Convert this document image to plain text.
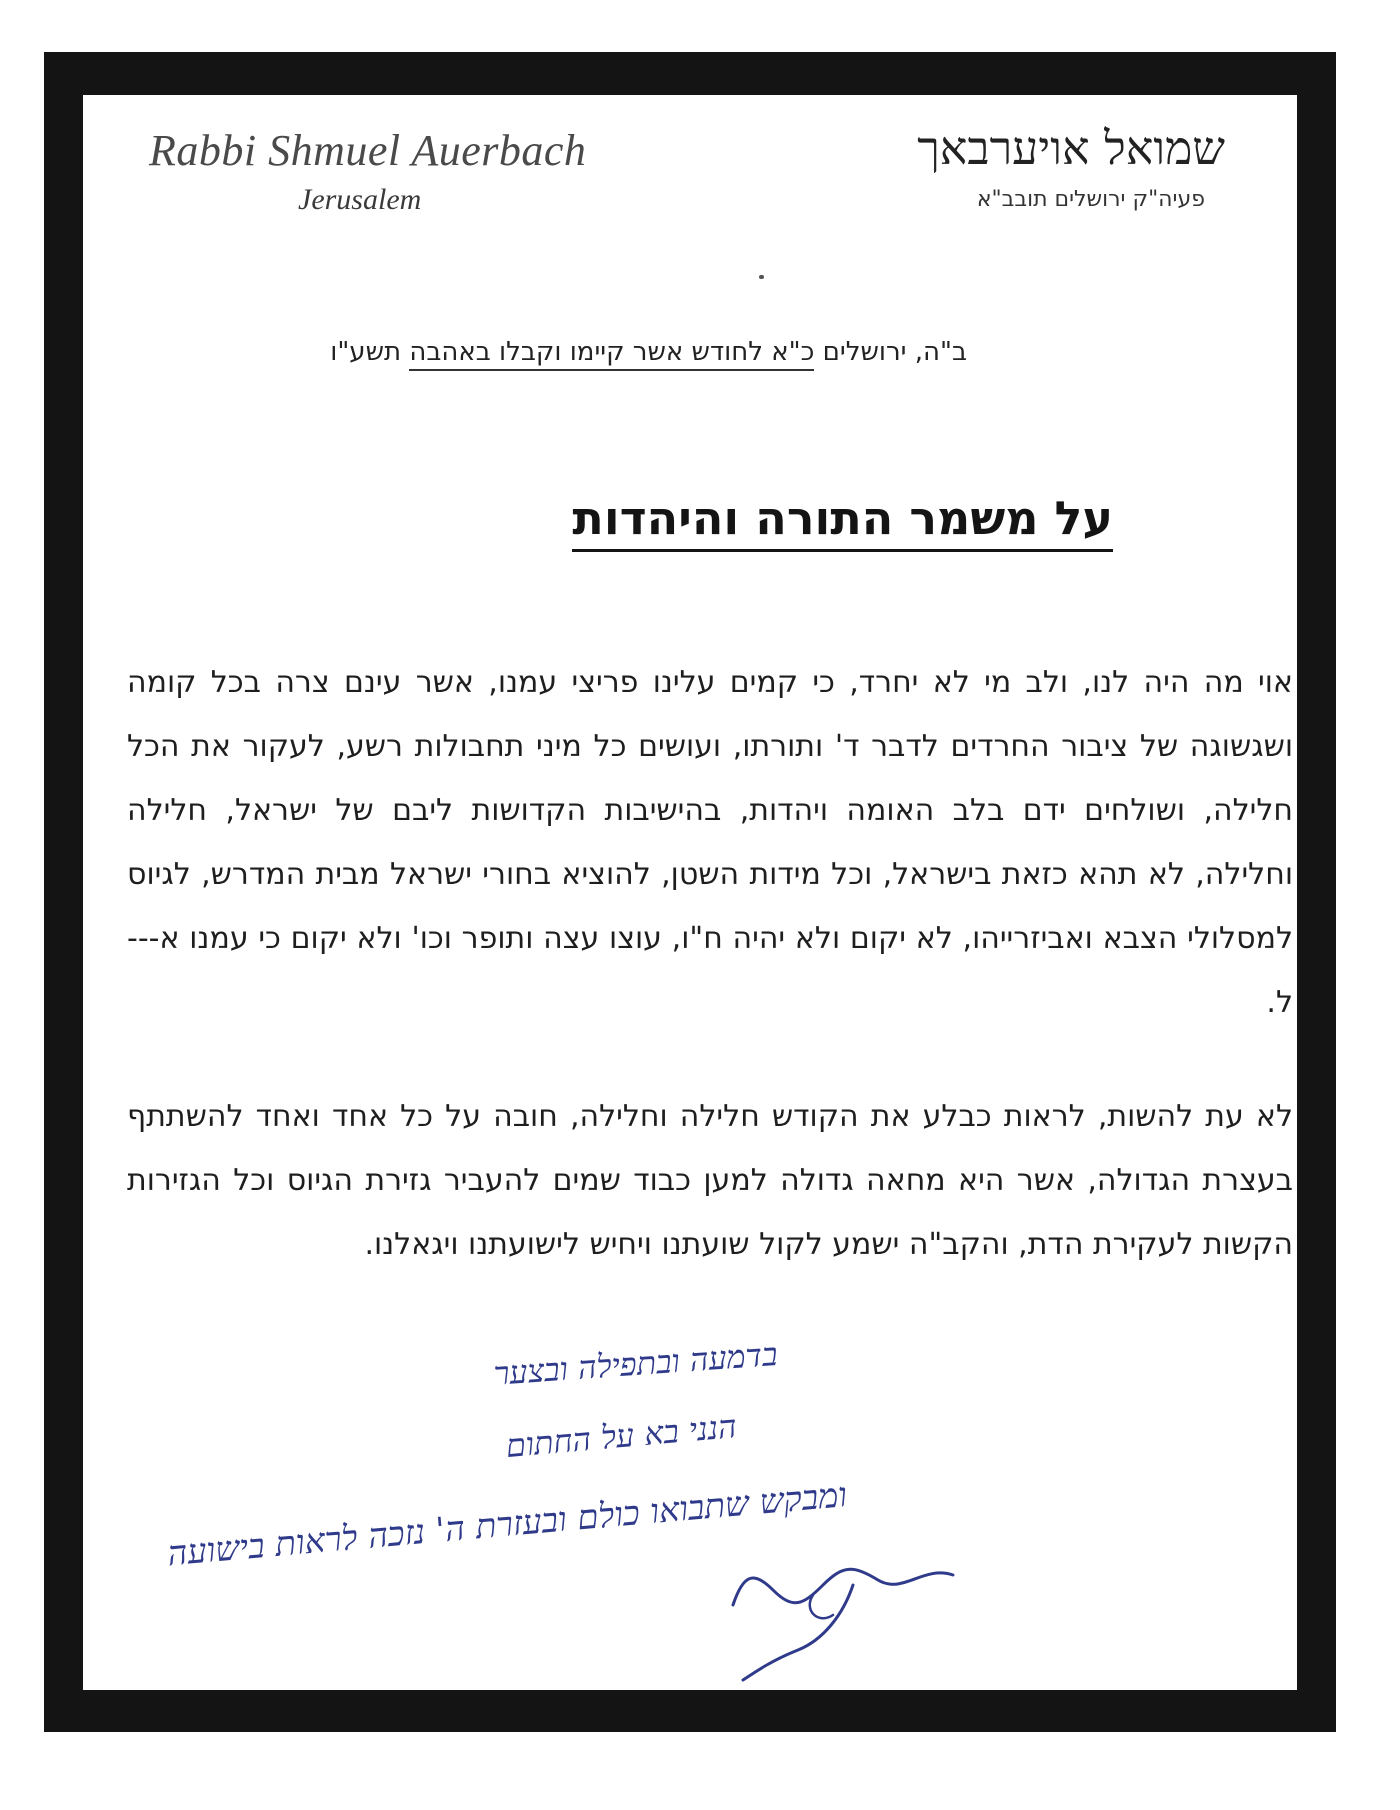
Rabbi Shmuel Auerbach
Jerusalem
שמואל אויערבאך
פעיה"ק ירושלים תובב"א
ב"ה, ירושלים כ"א לחודש אשר קיימו וקבלו באהבה תשע"ו
על משמר התורה והיהדות

אוי מה היה לנו, ולב מי לא יחרד, כי קמים עלינו פריצי עמנו, אשר עינם צרה בכל קומה ושגשוגה של ציבור החרדים לדבר ד' ותורתו, ועושים כל מיני תחבולות רשע, לעקור את הכל חלילה, ושולחים ידם בלב האומה ויהדות, בהישיבות הקדושות ליבם של ישראל, חלילה וחלילה, לא תהא כזאת בישראל, וכל מידות השטן, להוציא בחורי ישראל מבית המדרש, לגיוס למסלולי הצבא ואביזרייהו, לא יקום ולא יהיה ח"ו, עוצו עצה ותופר וכו' ולא יקום כי עמנו א---ל.

לא עת להשות, לראות כבלע את הקודש חלילה וחלילה, חובה על כל אחד ואחד להשתתף בעצרת הגדולה, אשר היא מחאה גדולה למען כבוד שמים להעביר גזירת הגיוס וכל הגזירות הקשות לעקירת הדת, והקב"ה ישמע לקול שועתנו ויחיש לישועתנו ויגאלנו.

בדמעה ובתפילה ובצער
הנני בא על החתום
ומבקש שתבואו כולם ובעזרת ה' נזכה לראות בישועה
